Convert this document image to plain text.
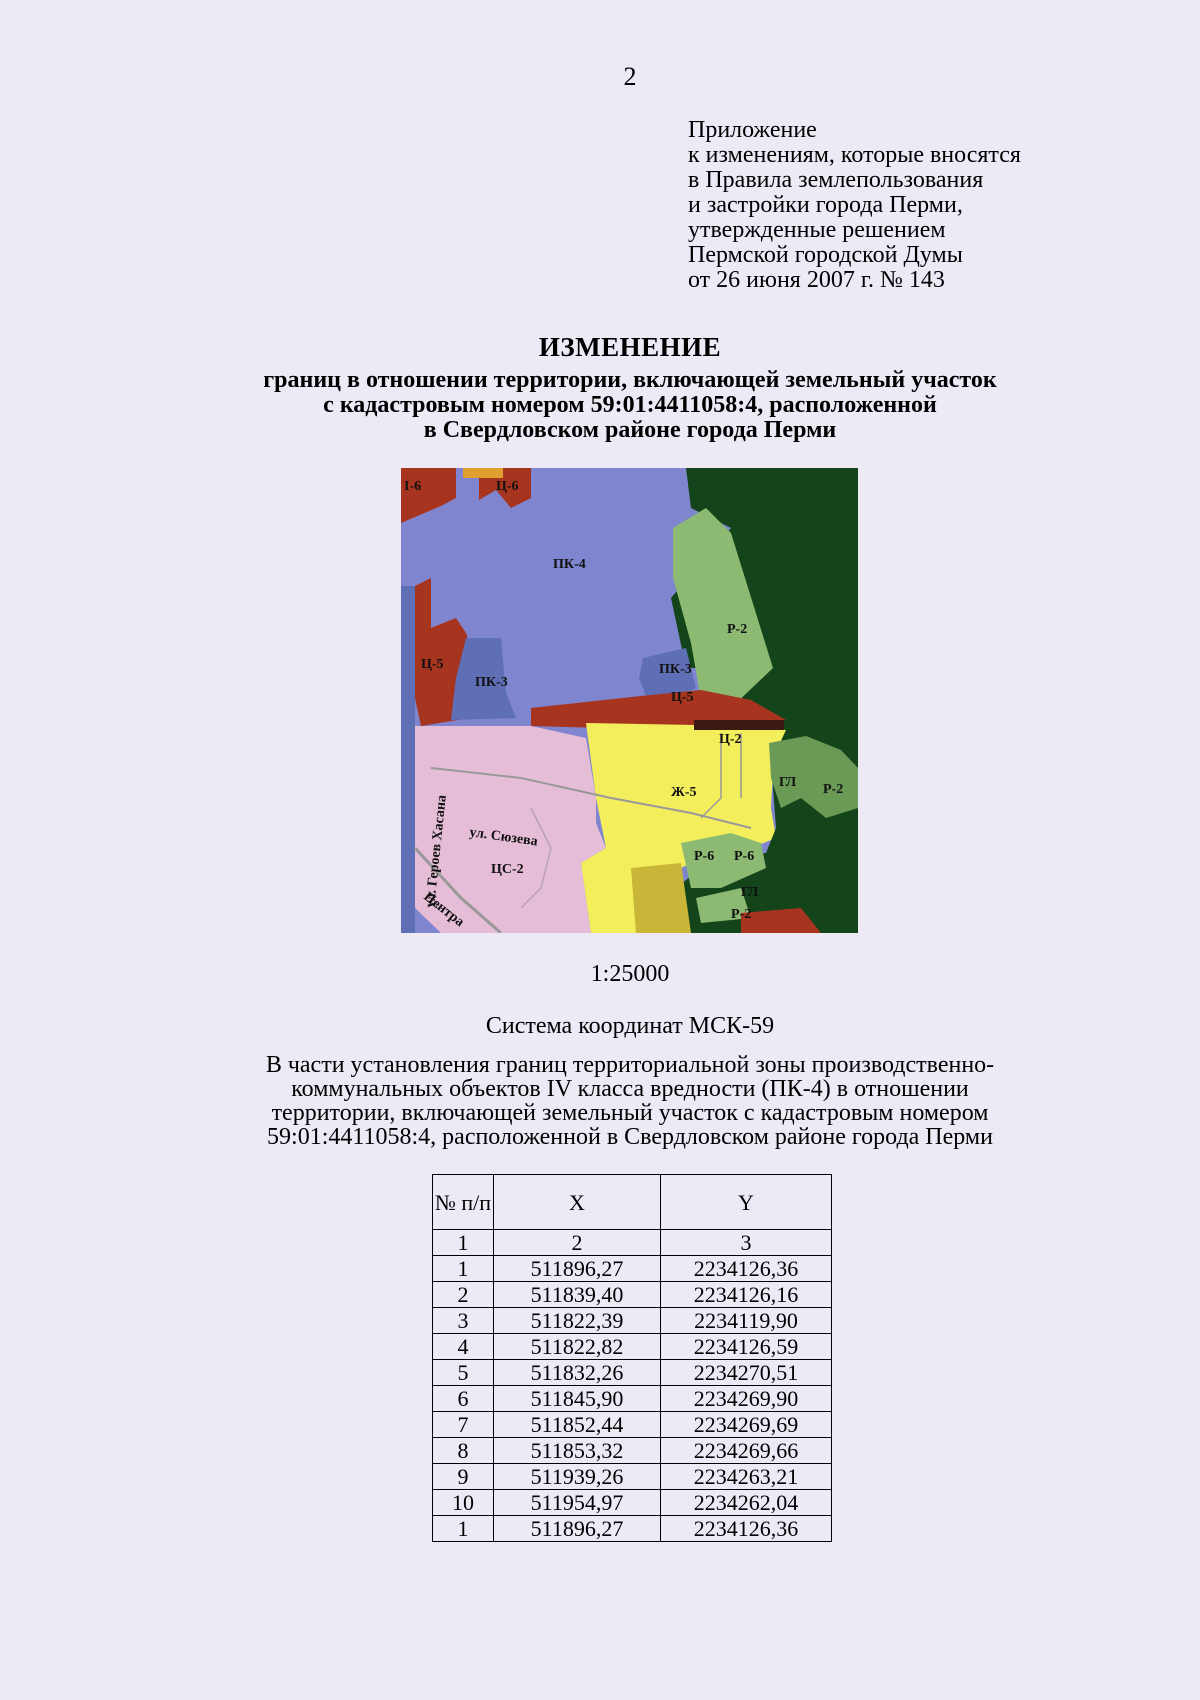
2
Приложение
к изменениям, которые вносятся
в Правила землепользования
и застройки города Перми,
утвержденные решением
Пермской городской Думы
от 26 июня 2007 г. № 143
ИЗМЕНЕНИЕ
границ в отношении территории, включающей земельный участок
с кадастровым номером 59:01:4411058:4, расположенной
в Свердловском районе города Перми
I-6	Ц-6
ПК-4
Р-2
Ц-5
ПК-3
ПК-3
Ц-5
Ц-2
ГЛ Р-2
Ж-5
ул. Героев Хасана ул. Сюзева
ЦС-2
Р-6 Р-6
ГЛ
Р-2
Центра
1:25000
Система координат МСК-59
В части установления границ территориальной зоны производственно-
коммунальных объектов IV класса вредности (ПК-4) в отношении
территории, включающей земельный участок с кадастровым номером
59:01:4411058:4, расположенной в Свердловском районе города Перми
№ п/п	X	Y
1	2	3
1	511896,27	2234126,36
2	511839,40	2234126,16
3	511822,39	2234119,90
4	511822,82	2234126,59
5	511832,26	2234270,51
6	511845,90	2234269,90
7	511852,44	2234269,69
8	511853,32	2234269,66
9	511939,26	2234263,21
10	511954,97	2234262,04
1	511896,27	2234126,36
